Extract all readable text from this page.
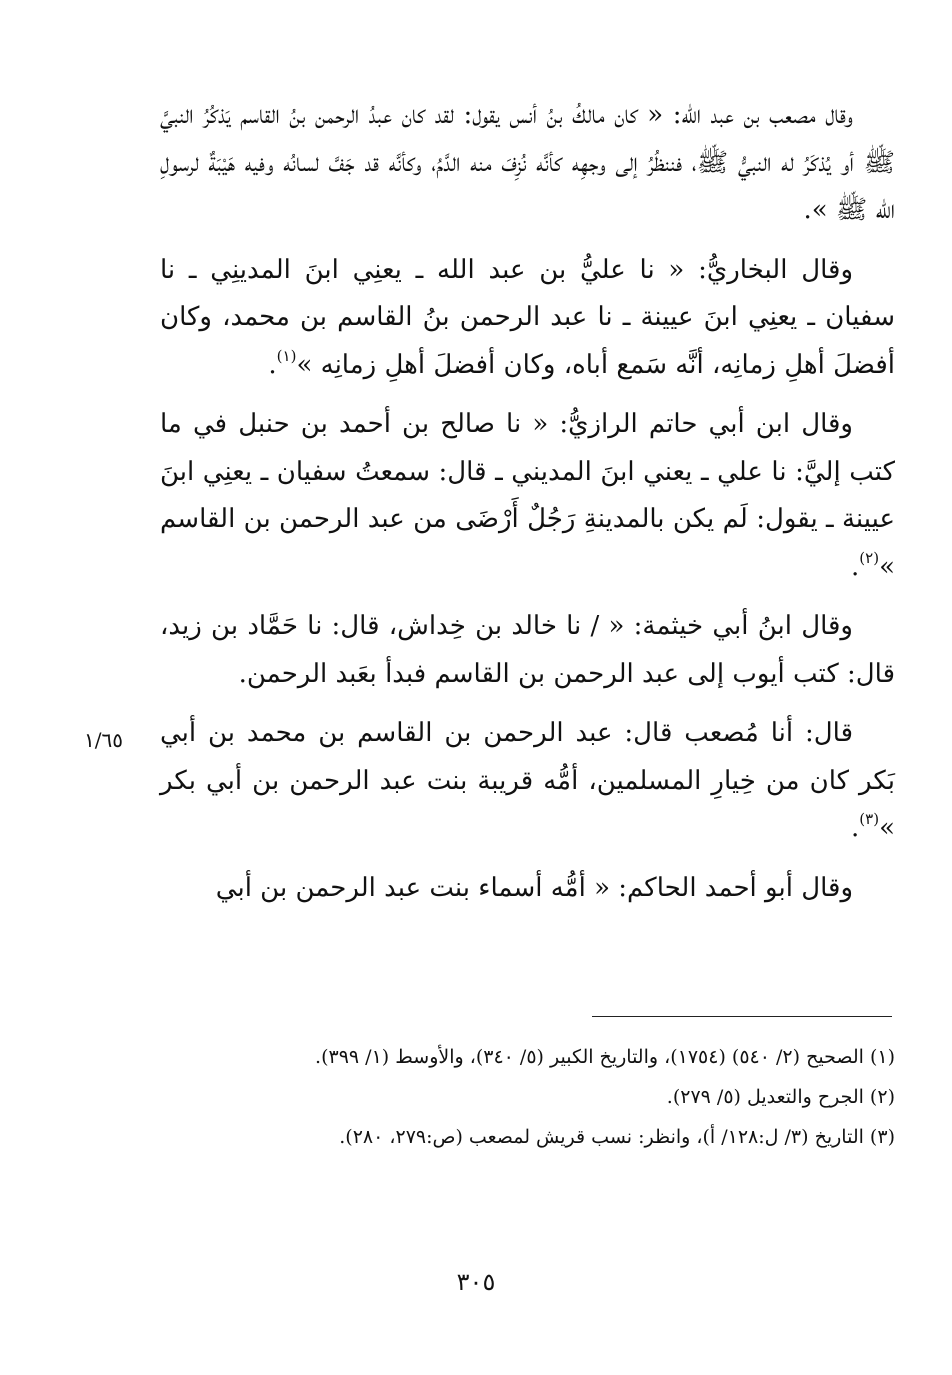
وقال مصعب بن عبد الله: « كان مالكُ بنُ أنس يقول: لقد كان عبدُ الرحمن بنُ القاسم يَذكُرُ النبيَّ ﷺ أو يُذكَرُ له النبيُّ ﷺ، فننظُرُ إلى وجهِه كأنَّه نُزِفَ منه الدَّمُ، وكأنَّه قد جَفَّ لسانُه وفيه هَيْبَةٌ لرسولِ الله ﷺ ».

وقال البخاريُّ: « نا عليُّ بن عبد الله ـ يعنِي ابنَ المدينِي ـ نا سفيان ـ يعنِي ابنَ عيينة ـ نا عبد الرحمن بنُ القاسم بن محمد، وكان أفضلَ أهلِ زمانِه، أنَّه سَمع أباه، وكان أفضلَ أهلِ زمانِه »$^{(١)}$.

وقال ابن أبي حاتم الرازيُّ: « نا صالح بن أحمد بن حنبل في ما كتب إليَّ: نا علي ـ يعني ابنَ المديني ـ قال: سمعتُ سفيان ـ يعنِي ابنَ عيينة ـ يقول: لَم يكن بالمدينةِ رَجُلٌ أَرْضَى من عبد الرحمن بن القاسم »$^{(٢)}$.

وقال ابنُ أبي خيثمة: « / نا خالد بن خِداش، قال: نا حَمَّاد بن زيد، قال: كتب أيوب إلى عبد الرحمن بن القاسم فبدأ بعَبد الرحمن.

قال: أنا مُصعب قال: عبد الرحمن بن القاسم بن محمد بن أبي بَكر كان من خِيارِ المسلمين، أمُّه قريبة بنت عبد الرحمن بن أبي بكر »$^{(٣)}$.

وقال أبو أحمد الحاكم: « أمُّه أسماء بنت عبد الرحمن بن أبي

١/٦٥

(١) الصحيح (٢/ ٥٤٠) (١٧٥٤)، والتاريخ الكبير (٥/ ٣٤٠)، والأوسط (١/ ٣٩٩).

(٢) الجرح والتعديل (٥/ ٢٧٩).

(٣) التاريخ (٣/ ل:١٢٨/ أ)، وانظر: نسب قريش لمصعب (ص:٢٧٩، ٢٨٠).

٣٠٥
